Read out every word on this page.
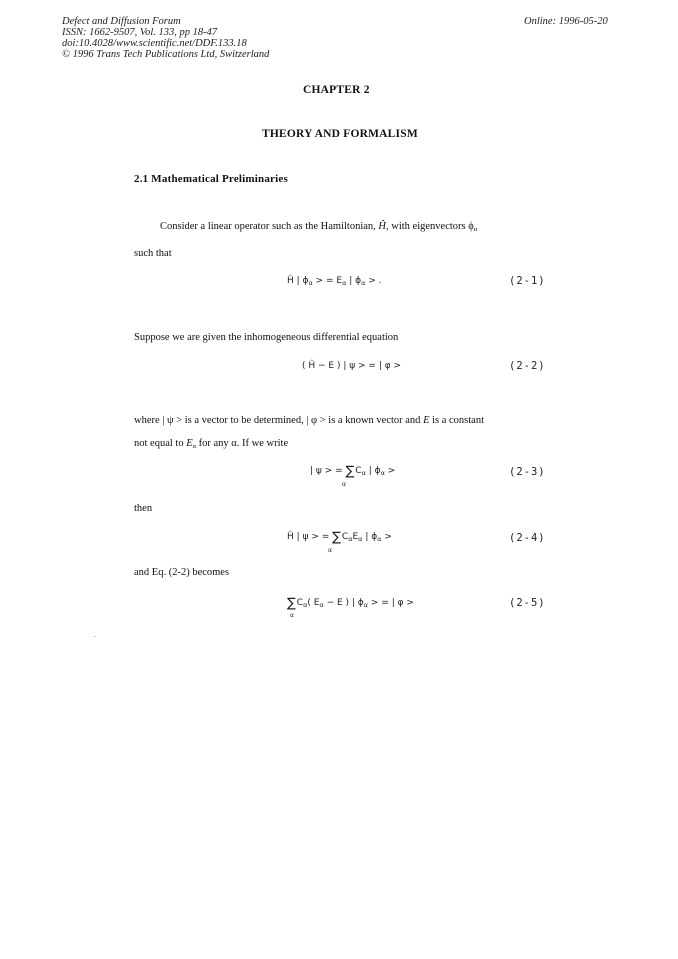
Defect and Diffusion Forum
ISSN: 1662-9507, Vol. 133, pp 18-47
doi:10.4028/www.scientific.net/DDF.133.18
© 1996 Trans Tech Publications Ltd, Switzerland
Online: 1996-05-20
CHAPTER 2
THEORY AND FORMALISM
2.1 Mathematical Preliminaries
Consider a linear operator such as the Hamiltonian, Ĥ, with eigenvectors $\phi_\alpha$
such that
Ĥ | $\phi_\alpha$ > = $E_\alpha$ | $\phi_\alpha$ > .	(2-1)
Suppose we are given the inhomogeneous differential equation
( Ĥ − E ) | ψ > = | φ >	(2-2)
where | ψ > is a vector to be determined, | φ > is a known vector and E is a constant
not equal to $E_\alpha$ for any α. If we write
| ψ > = $\sum C_\alpha$ | $\phi_\alpha$ >
α
(2-3)
then
Ĥ | ψ > = $\sum C_\alpha E_\alpha$ | $\phi_\alpha$ >
α
(2-4)
and Eq. (2-2) becomes
$\sum C_\alpha$( $E_\alpha - E$ ) | $\phi_\alpha$ > = | φ >
α
(2-5)
